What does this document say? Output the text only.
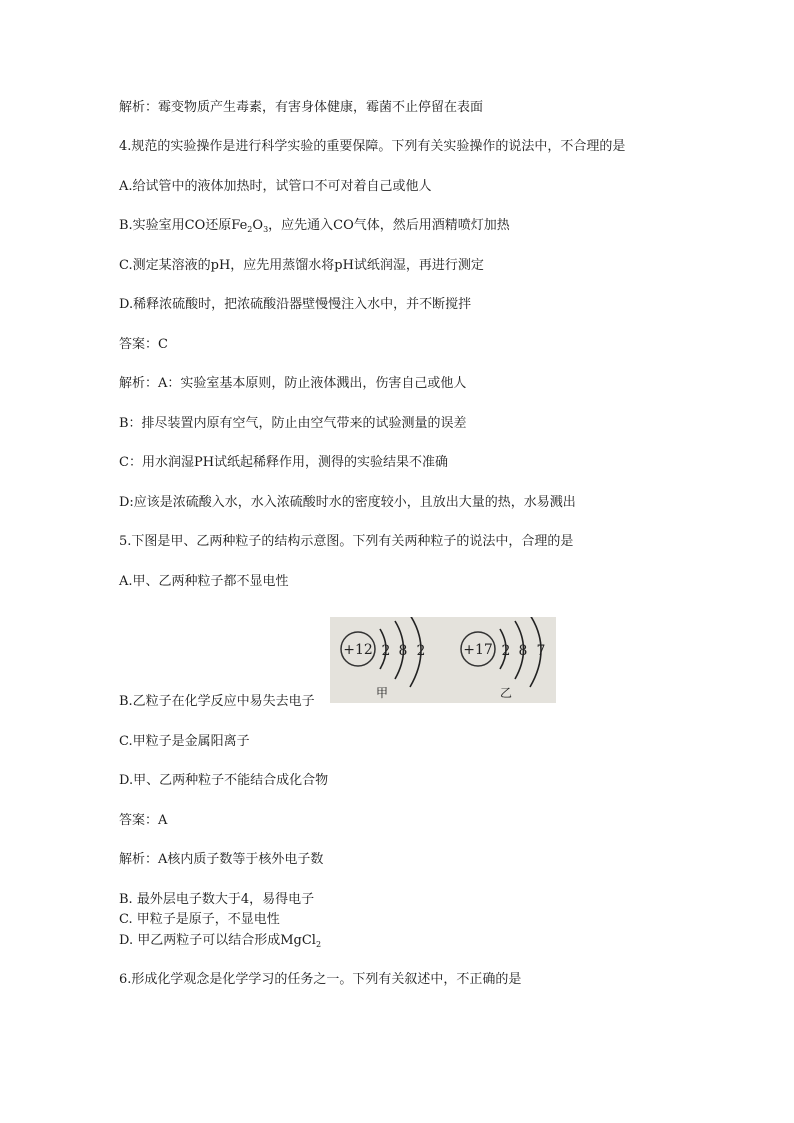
解析：霉变物质产生毒素，有害身体健康，霉菌不止停留在表面
4.规范的实验操作是进行科学实验的重要保障。下列有关实验操作的说法中，不合理的是
A.给试管中的液体加热时，试管口不可对着自己或他人
B.实验室用CO还原$Fe_2O_3$，应先通入CO气体，然后用酒精喷灯加热
C.测定某溶液的pH，应先用蒸馏水将pH试纸润湿，再进行测定
D.稀释浓硫酸时，把浓硫酸沿器壁慢慢注入水中，并不断搅拌
答案：C
解析：A：实验室基本原则，防止液体溅出，伤害自己或他人
B：排尽装置内原有空气，防止由空气带来的试验测量的误差
C：用水润湿PH试纸起稀释作用，测得的实验结果不准确
D:应该是浓硫酸入水，水入浓硫酸时水的密度较小，且放出大量的热，水易溅出
5.下图是甲、乙两种粒子的结构示意图。下列有关两种粒子的说法中，合理的是
A.甲、乙两种粒子都不显电性
+12 2 8 2
甲
+17 2 8 7
乙
B.乙粒子在化学反应中易失去电子
C.甲粒子是金属阳离子
D.甲、乙两种粒子不能结合成化合物
答案：A
解析：A核内质子数等于核外电子数
B. 最外层电子数大于4，易得电子
C. 甲粒子是原子，不显电性
D. 甲乙两粒子可以结合形成MgCl$_2$
6.形成化学观念是化学学习的任务之一。下列有关叙述中，不正确的是
